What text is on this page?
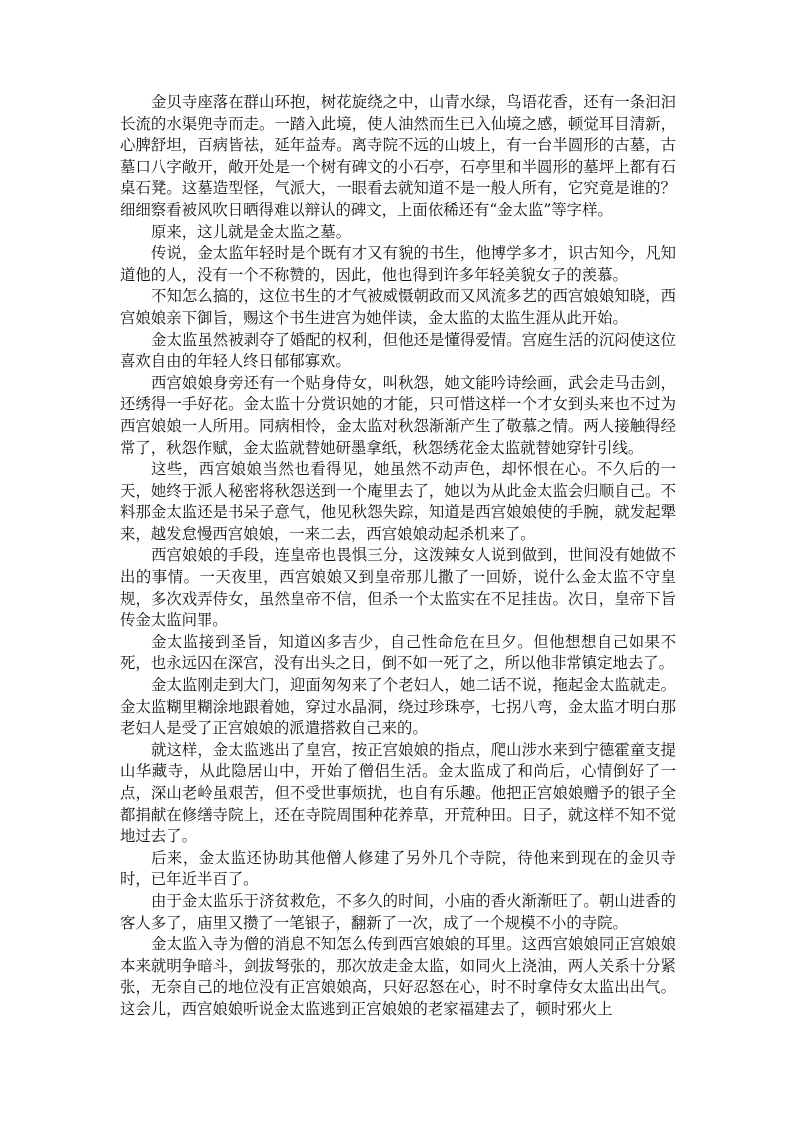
金贝寺座落在群山环抱，树花旋绕之中，山青水绿，鸟语花香，还有一条汩汩长流的水渠兜寺而走。一踏入此境，使人油然而生已入仙境之感，顿觉耳目清新，心脾舒坦，百病皆祛，延年益寿。离寺院不远的山坡上，有一台半圆形的古墓，古墓口八字敞开，敞开处是一个树有碑文的小石亭，石亭里和半圆形的墓坪上都有石桌石凳。这墓造型怪，气派大，一眼看去就知道不是一般人所有，它究竟是谁的？细细察看被风吹日晒得难以辩认的碑文，上面依稀还有“金太监”等字样。

原来，这儿就是金太监之墓。

传说，金太监年轻时是个既有才又有貌的书生，他博学多才，识古知今，凡知道他的人，没有一个不称赞的，因此，他也得到许多年轻美貌女子的羡慕。

不知怎么搞的，这位书生的才气被威慑朝政而又风流多艺的西宫娘娘知晓，西宫娘娘亲下御旨，赐这个书生进宫为她伴读，金太监的太监生涯从此开始。

金太监虽然被剥夺了婚配的权利，但他还是懂得爱情。宫庭生活的沉闷使这位喜欢自由的年轻人终日郁郁寡欢。

西宫娘娘身旁还有一个贴身侍女，叫秋怨，她文能吟诗绘画，武会走马击剑，还绣得一手好花。金太监十分赏识她的才能，只可惜这样一个才女到头来也不过为西宫娘娘一人所用。同病相怜，金太监对秋怨渐渐产生了敬慕之情。两人接触得经常了，秋怨作赋，金太监就替她研墨拿纸，秋怨绣花金太监就替她穿针引线。

这些，西宫娘娘当然也看得见，她虽然不动声色，却怀恨在心。不久后的一天，她终于派人秘密将秋怨送到一个庵里去了，她以为从此金太监会归顺自己。不料那金太监还是书呆子意气，他见秋怨失踪，知道是西宫娘娘使的手腕，就发起犟来，越发怠慢西宫娘娘，一来二去，西宫娘娘动起杀机来了。

西宫娘娘的手段，连皇帝也畏惧三分，这泼辣女人说到做到，世间没有她做不出的事情。一天夜里，西宫娘娘又到皇帝那儿撒了一回娇，说什么金太监不守皇规，多次戏弄侍女，虽然皇帝不信，但杀一个太监实在不足挂齿。次日，皇帝下旨传金太监问罪。

金太监接到圣旨，知道凶多吉少，自己性命危在旦夕。但他想想自己如果不死，也永远囚在深宫，没有出头之日，倒不如一死了之，所以他非常镇定地去了。

金太监刚走到大门，迎面匆匆来了个老妇人，她二话不说，拖起金太监就走。金太监糊里糊涂地跟着她，穿过水晶洞，绕过珍珠亭，七拐八弯，金太监才明白那老妇人是受了正宫娘娘的派遣搭救自己来的。

就这样，金太监逃出了皇宫，按正宫娘娘的指点，爬山涉水来到宁德霍童支提山华藏寺，从此隐居山中，开始了僧侣生活。金太监成了和尚后，心情倒好了一点，深山老岭虽艰苦，但不受世事烦扰，也自有乐趣。他把正宫娘娘赠予的银子全都捐献在修缮寺院上，还在寺院周围种花养草，开荒种田。日子，就这样不知不觉地过去了。

后来，金太监还协助其他僧人修建了另外几个寺院，待他来到现在的金贝寺时，已年近半百了。

由于金太监乐于济贫救危，不多久的时间，小庙的香火渐渐旺了。朝山进香的客人多了，庙里又攒了一笔银子，翻新了一次，成了一个规模不小的寺院。

金太监入寺为僧的消息不知怎么传到西宫娘娘的耳里。这西宫娘娘同正宫娘娘本来就明争暗斗，剑拔弩张的，那次放走金太监，如同火上浇油，两人关系十分紧张，无奈自己的地位没有正宫娘娘高，只好忍怒在心，时不时拿侍女太监出出气。这会儿，西宫娘娘听说金太监逃到正宫娘娘的老家福建去了，顿时邪火上
